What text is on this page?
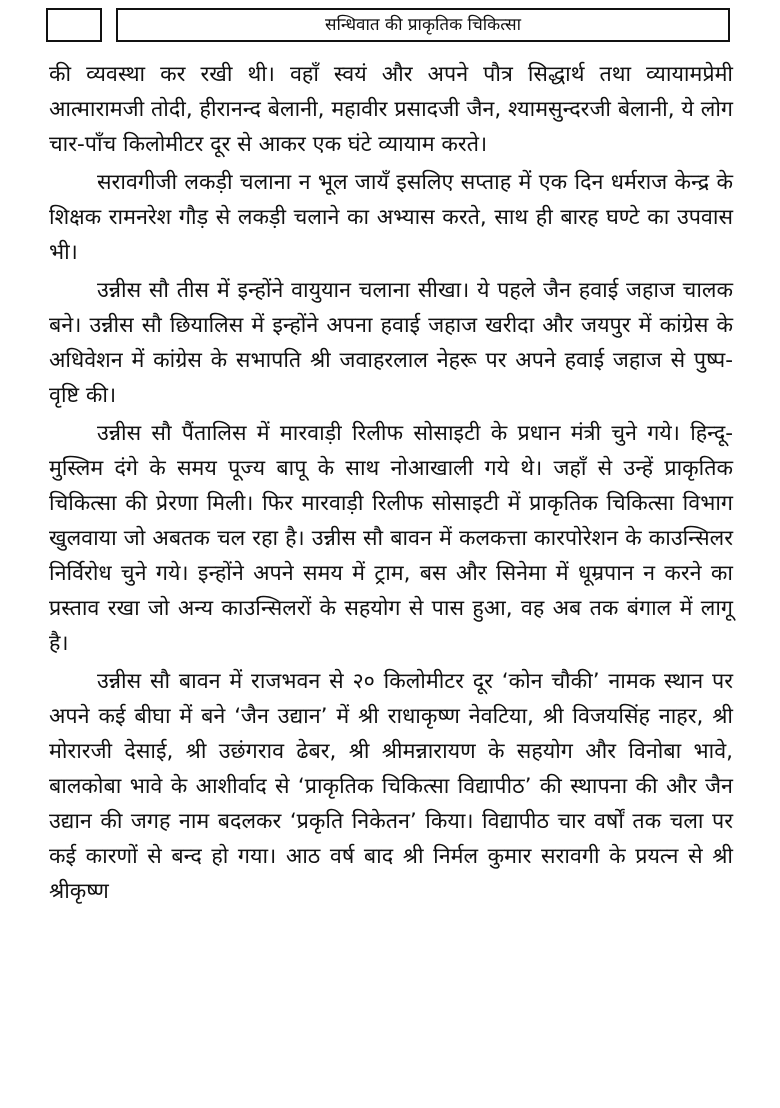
सन्धिवात की प्राकृतिक चिकित्सा

की व्यवस्था कर रखी थी। वहाँ स्वयं और अपने पौत्र सिद्धार्थ तथा व्यायामप्रेमी आत्मारामजी तोदी, हीरानन्द बेलानी, महावीर प्रसादजी जैन, श्यामसुन्दरजी बेलानी, ये लोग चार-पाँच किलोमीटर दूर से आकर एक घंटे व्यायाम करते।

सरावगीजी लकड़ी चलाना न भूल जायँ इसलिए सप्ताह में एक दिन धर्मराज केन्द्र के शिक्षक रामनरेश गौड़ से लकड़ी चलाने का अभ्यास करते, साथ ही बारह घण्टे का उपवास भी।

उन्नीस सौ तीस में इन्होंने वायुयान चलाना सीखा। ये पहले जैन हवाई जहाज चालक बने। उन्नीस सौ छियालिस में इन्होंने अपना हवाई जहाज खरीदा और जयपुर में कांग्रेस के अधिवेशन में कांग्रेस के सभापति श्री जवाहरलाल नेहरू पर अपने हवाई जहाज से पुष्प-वृष्टि की।

उन्नीस सौ पैंतालिस में मारवाड़ी रिलीफ सोसाइटी के प्रधान मंत्री चुने गये। हिन्दू-मुस्लिम दंगे के समय पूज्य बापू के साथ नोआखाली गये थे। जहाँ से उन्हें प्राकृतिक चिकित्सा की प्रेरणा मिली। फिर मारवाड़ी रिलीफ सोसाइटी में प्राकृतिक चिकित्सा विभाग खुलवाया जो अबतक चल रहा है। उन्नीस सौ बावन में कलकत्ता कारपोरेशन के काउन्सिलर निर्विरोध चुने गये। इन्होंने अपने समय में ट्राम, बस और सिनेमा में धूम्रपान न करने का प्रस्ताव रखा जो अन्य काउन्सिलरों के सहयोग से पास हुआ, वह अब तक बंगाल में लागू है।

उन्नीस सौ बावन में राजभवन से २० किलोमीटर दूर ‘कोन चौकी’ नामक स्थान पर अपने कई बीघा में बने ‘जैन उद्यान’ में श्री राधाकृष्ण नेवटिया, श्री विजयसिंह नाहर, श्री मोरारजी देसाई, श्री उछंगराव ढेबर, श्री श्रीमन्नारायण के सहयोग और विनोबा भावे, बालकोबा भावे के आशीर्वाद से ‘प्राकृतिक चिकित्सा विद्यापीठ’ की स्थापना की और जैन उद्यान की जगह नाम बदलकर ‘प्रकृति निकेतन’ किया। विद्यापीठ चार वर्षों तक चला पर कई कारणों से बन्द हो गया। आठ वर्ष बाद श्री निर्मल कुमार सरावगी के प्रयत्न से श्री श्रीकृष्ण
